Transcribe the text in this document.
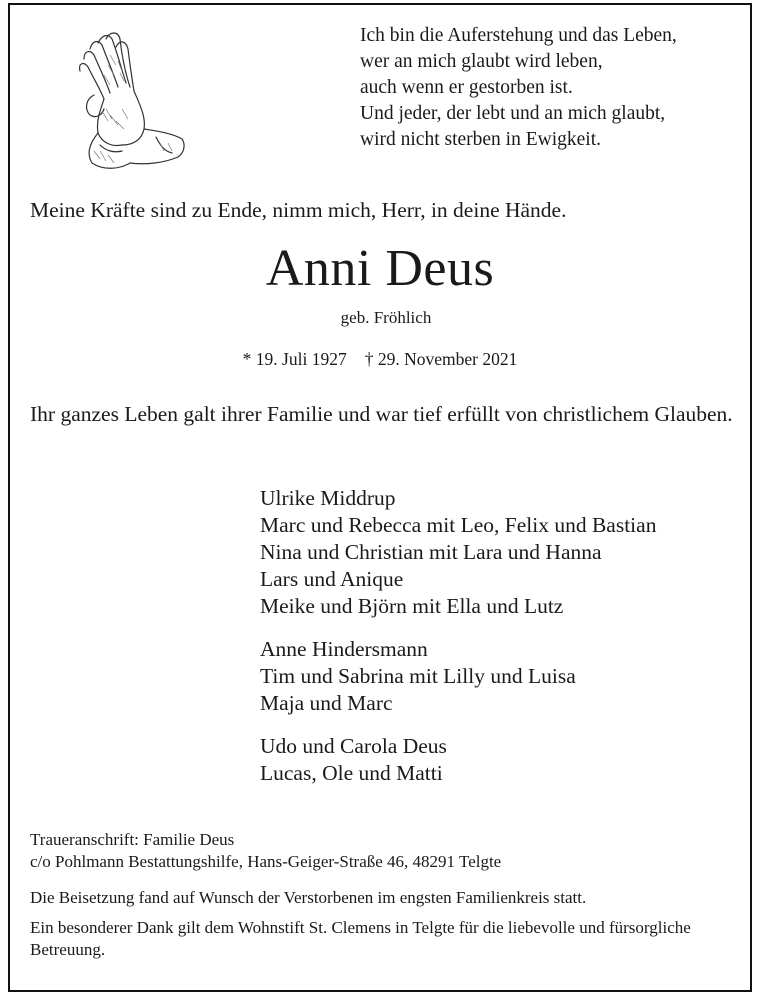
Ich bin die Auferstehung und das Leben,
wer an mich glaubt wird leben,
auch wenn er gestorben ist.
Und jeder, der lebt und an mich glaubt,
wird nicht sterben in Ewigkeit.
Meine Kräfte sind zu Ende, nimm mich, Herr, in deine Hände.
Anni Deus
geb. Fröhlich
* 19. Juli 1927 † 29. November 2021
Ihr ganzes Leben galt ihrer Familie und war tief erfüllt von christlichem Glauben.
Ulrike Middrup
Marc und Rebecca mit Leo, Felix und Bastian
Nina und Christian mit Lara und Hanna
Lars und Anique
Meike und Björn mit Ella und Lutz
Anne Hindersmann
Tim und Sabrina mit Lilly und Luisa
Maja und Marc
Udo und Carola Deus
Lucas, Ole und Matti
Traueranschrift: Familie Deus
c/o Pohlmann Bestattungshilfe, Hans-Geiger-Straße 46, 48291 Telgte
Die Beisetzung fand auf Wunsch der Verstorbenen im engsten Familienkreis statt.
Ein besonderer Dank gilt dem Wohnstift St. Clemens in Telgte für die liebevolle und fürsorgliche Betreuung.
